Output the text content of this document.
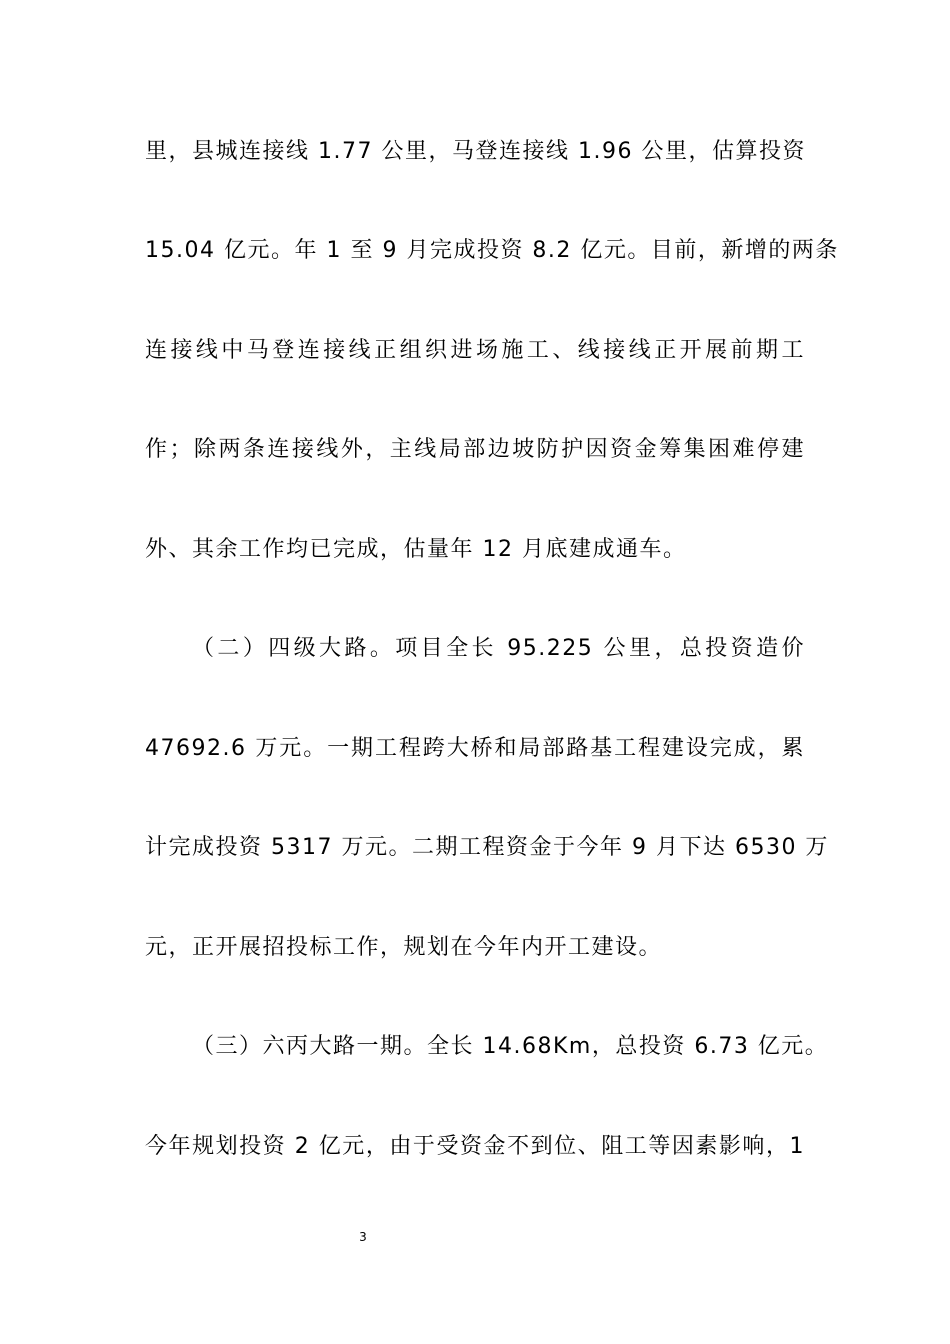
里，县城连接线 1.77 公里，马登连接线 1.96 公里，估算投资
15.04 亿元。年 1 至 9 月完成投资 8.2 亿元。目前，新增的两条
连接线中马登连接线正组织进场施工、线接线正开展前期工
作；除两条连接线外，主线局部边坡防护因资金筹集困难停建
外、其余工作均已完成，估量年 12 月底建成通车。
（二）四级大路。项目全长 95.225 公里，总投资造价
47692.6 万元。一期工程跨大桥和局部路基工程建设完成，累
计完成投资 5317 万元。二期工程资金于今年 9 月下达 6530 万
元，正开展招投标工作，规划在今年内开工建设。
（三）六丙大路一期。全长 14.68Km，总投资 6.73 亿元。
今年规划投资 2 亿元，由于受资金不到位、阻工等因素影响，1
3
